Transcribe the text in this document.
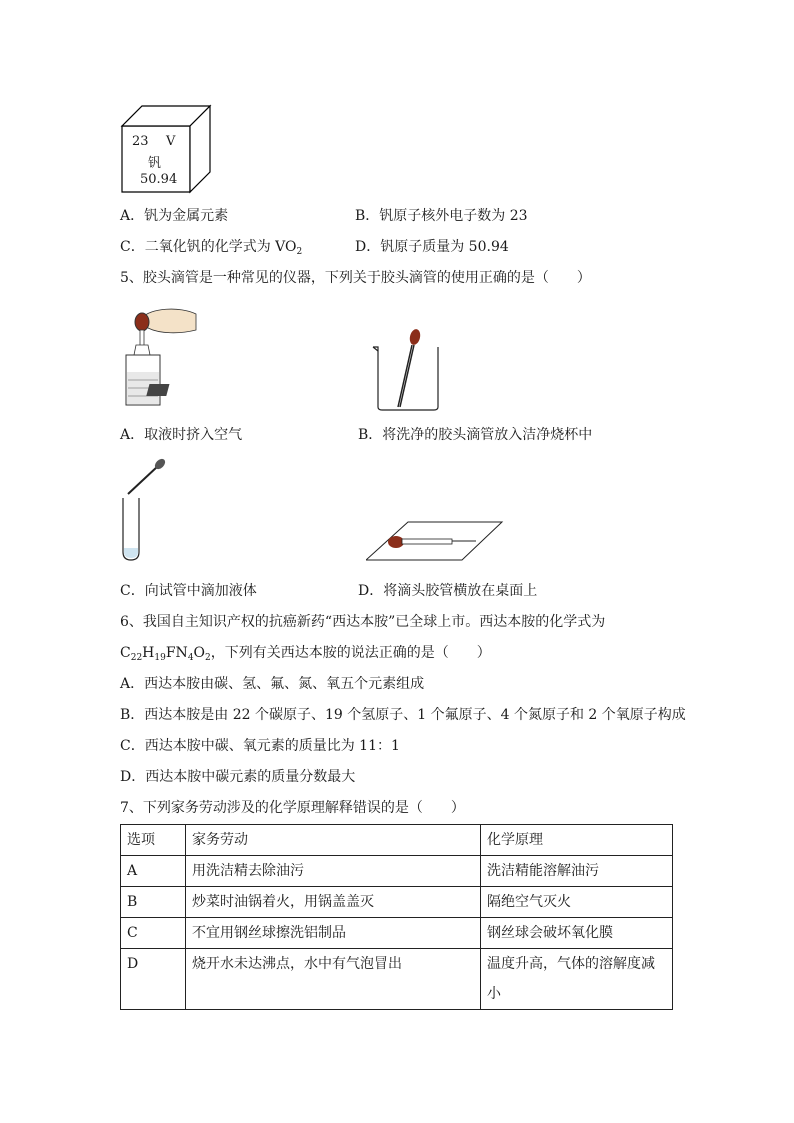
23 V
钒
50.94
A．钒为金属元素	B．钒原子核外电子数为 23
C．二氧化钒的化学式为 $VO_2$	D．钒原子质量为 50.94
5、胶头滴管是一种常见的仪器，下列关于胶头滴管的使用正确的是（　　）
A．取液时挤入空气	B．将洗净的胶头滴管放入洁净烧杯中
C．向试管中滴加液体	D．将滴头胶管横放在桌面上
6、我国自主知识产权的抗癌新药“西达本胺”已全球上市。西达本胺的化学式为
$C_{22}H_{19}FN_4O_2$，下列有关西达本胺的说法正确的是（　　）
A．西达本胺由碳、氢、氟、氮、氧五个元素组成
B．西达本胺是由 22 个碳原子、19 个氢原子、1 个氟原子、4 个氮原子和 2 个氧原子构成
C．西达本胺中碳、氧元素的质量比为 11：1
D．西达本胺中碳元素的质量分数最大
7、下列家务劳动涉及的化学原理解释错误的是（　　）
选项	家务劳动	化学原理
A	用洗洁精去除油污	洗洁精能溶解油污
B	炒菜时油锅着火，用锅盖盖灭	隔绝空气灭火
C	不宜用钢丝球擦洗铝制品	钢丝球会破坏氧化膜
D	烧开水未达沸点，水中有气泡冒出	温度升高，气体的溶解度减小
